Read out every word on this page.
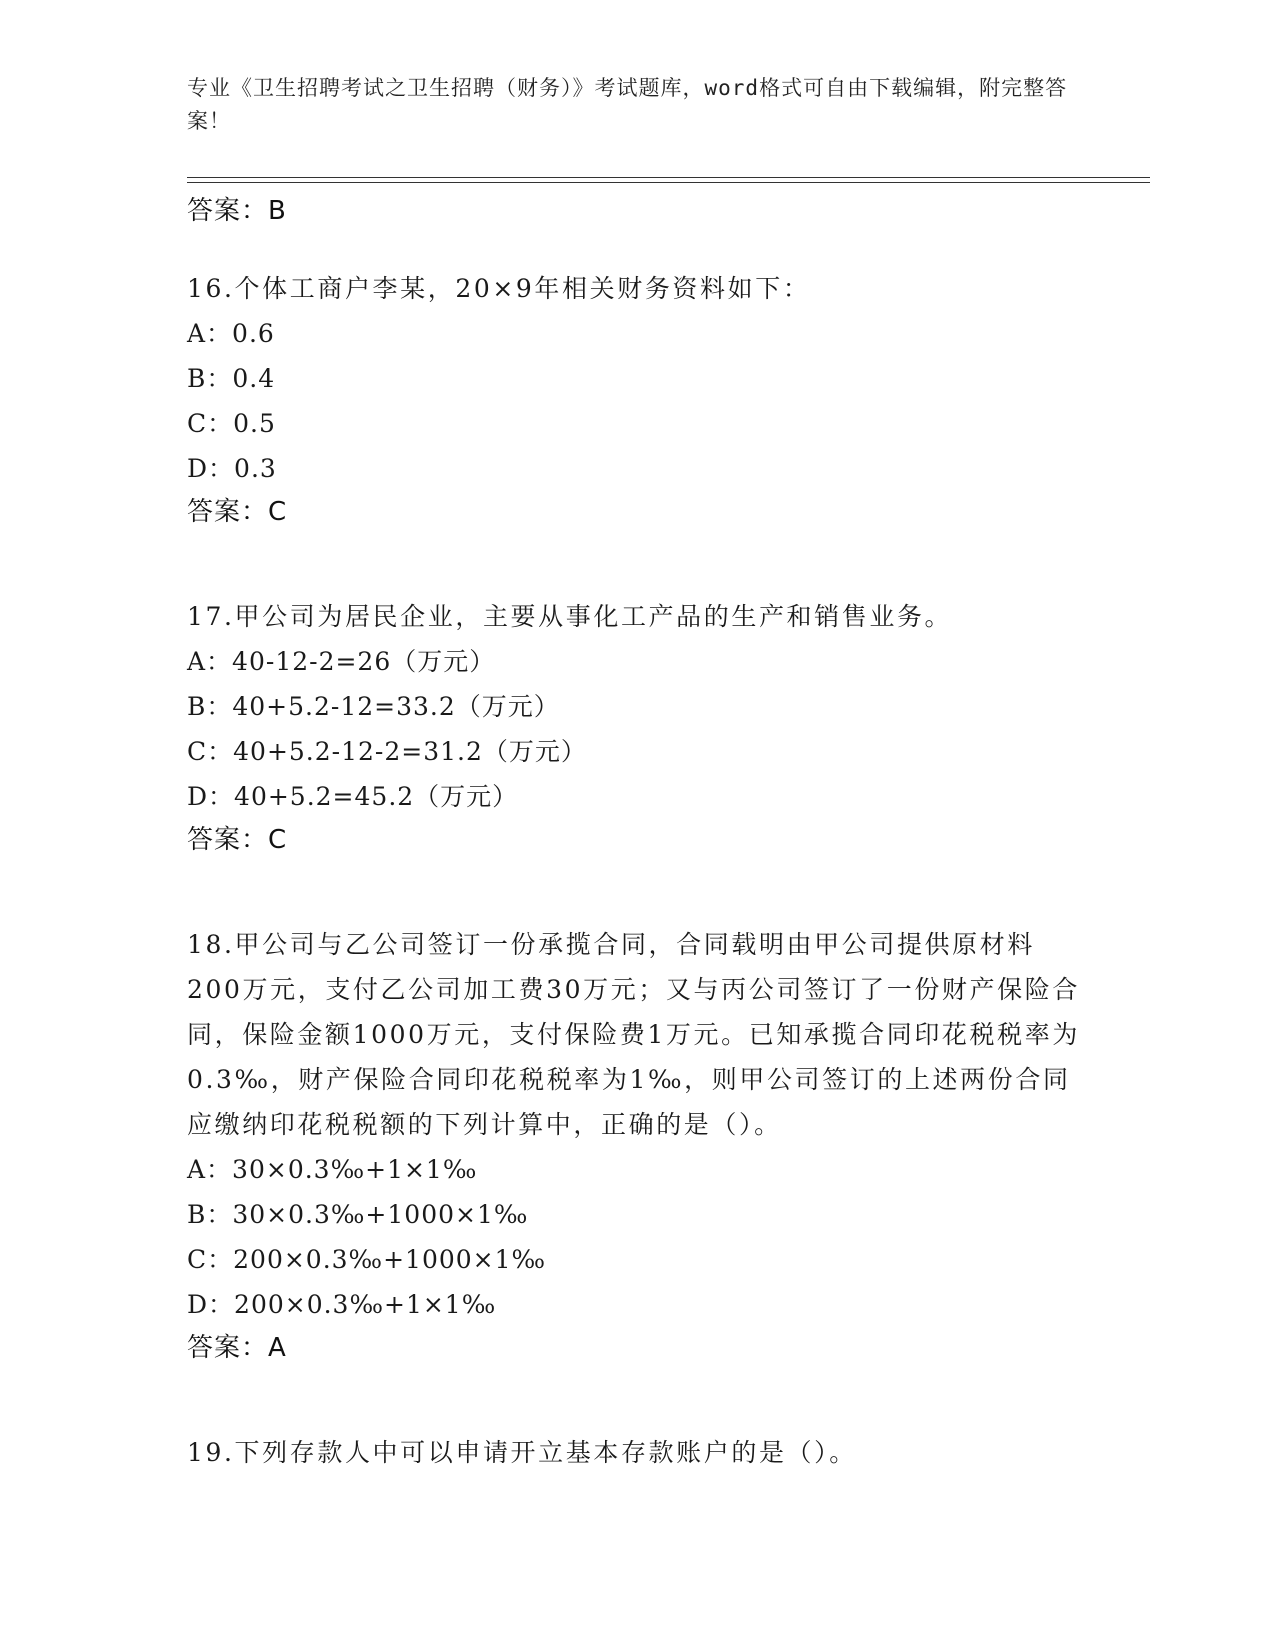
专业《卫生招聘考试之卫生招聘（财务）》考试题库，word格式可自由下载编辑，附完整答案！
答案：B
16.个体工商户李某，20×9年相关财务资料如下：
A：0.6
B：0.4
C：0.5
D：0.3
答案：C
17.甲公司为居民企业，主要从事化工产品的生产和销售业务。
A：40-12-2=26（万元）
B：40+5.2-12=33.2（万元）
C：40+5.2-12-2=31.2（万元）
D：40+5.2=45.2（万元）
答案：C
18.甲公司与乙公司签订一份承揽合同，合同载明由甲公司提供原材料200万元，支付乙公司加工费30万元；又与丙公司签订了一份财产保险合同，保险金额1000万元，支付保险费1万元。已知承揽合同印花税税率为0.3‰，财产保险合同印花税税率为1‰，则甲公司签订的上述两份合同应缴纳印花税税额的下列计算中，正确的是（）。
A：30×0.3‰+1×1‰
B：30×0.3‰+1000×1‰
C：200×0.3‰+1000×1‰
D：200×0.3‰+1×1‰
答案：A
19.下列存款人中可以申请开立基本存款账户的是（）。
